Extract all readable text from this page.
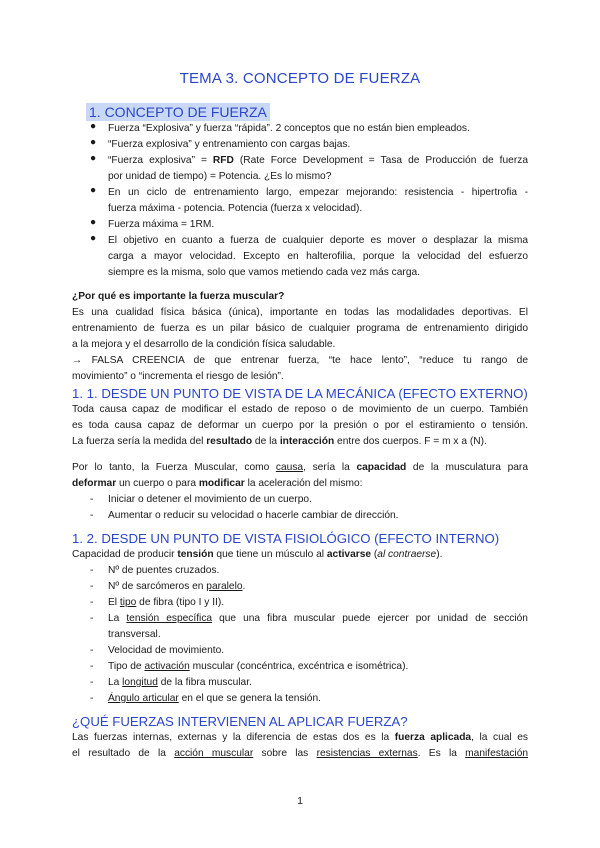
TEMA 3. CONCEPTO DE FUERZA
1. CONCEPTO DE FUERZA
● Fuerza “Explosiva” y fuerza “rápida”. 2 conceptos que no están bien empleados.
● “Fuerza explosiva” y entrenamiento con cargas bajas.
● “Fuerza explosiva” = RFD (Rate Force Development = Tasa de Producción de fuerza
por unidad de tiempo) = Potencia. ¿Es lo mismo?
● En un ciclo de entrenamiento largo, empezar mejorando: resistencia - hipertrofia -
fuerza máxima - potencia. Potencia (fuerza x velocidad).
● Fuerza máxima = 1RM.
● El objetivo en cuanto a fuerza de cualquier deporte es mover o desplazar la misma
carga a mayor velocidad. Excepto en halterofilia, porque la velocidad del esfuerzo
siempre es la misma, solo que vamos metiendo cada vez más carga.
¿Por qué es importante la fuerza muscular?
Es una cualidad física básica (única), importante en todas las modalidades deportivas. El
entrenamiento de fuerza es un pilar básico de cualquier programa de entrenamiento dirigido
a la mejora y el desarrollo de la condición física saludable.
→ FALSA CREENCIA de que entrenar fuerza, “te hace lento”, “reduce tu rango de
movimiento” o “incrementa el riesgo de lesión”.
1. 1. DESDE UN PUNTO DE VISTA DE LA MECÁNICA (EFECTO EXTERNO)
Toda causa capaz de modificar el estado de reposo o de movimiento de un cuerpo. También
es toda causa capaz de deformar un cuerpo por la presión o por el estiramiento o tensión.
La fuerza sería la medida del resultado de la interacción entre dos cuerpos. F = m x a (N).
Por lo tanto, la Fuerza Muscular, como causa, sería la capacidad de la musculatura para
deformar un cuerpo o para modificar la aceleración del mismo:
-	Iniciar o detener el movimiento de un cuerpo.
-	Aumentar o reducir su velocidad o hacerle cambiar de dirección.
1. 2. DESDE UN PUNTO DE VISTA FISIOLÓGICO (EFECTO INTERNO)
Capacidad de producir tensión que tiene un músculo al activarse (al contraerse).
-	Nº de puentes cruzados.
-	Nº de sarcómeros en paralelo.
-	El tipo de fibra (tipo I y II).
-	La tensión específica que una fibra muscular puede ejercer por unidad de sección
transversal.
-	Velocidad de movimiento.
-	Tipo de activación muscular (concéntrica, excéntrica e isométrica).
-	La longitud de la fibra muscular.
-	Ángulo articular en el que se genera la tensión.
¿QUÉ FUERZAS INTERVIENEN AL APLICAR FUERZA?
Las fuerzas internas, externas y la diferencia de estas dos es la fuerza aplicada, la cual es
el resultado de la acción muscular sobre las resistencias externas. Es la manifestación
1
